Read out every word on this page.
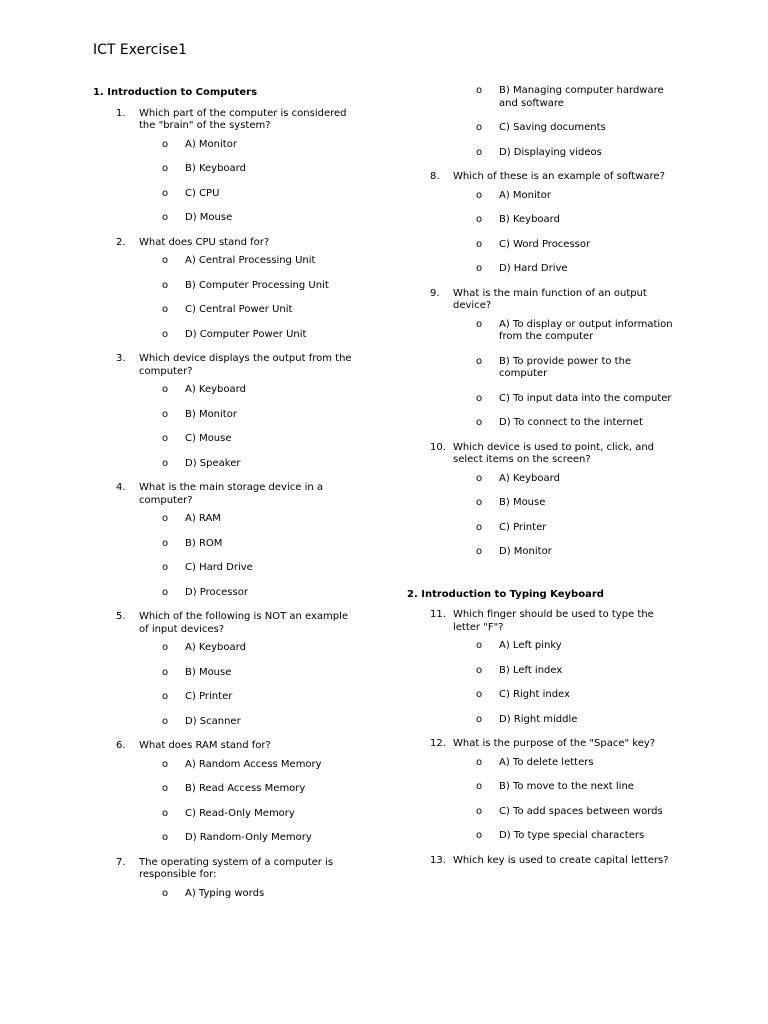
ICT Exercise1
1. Introduction to Computers
1.	Which part of the computer is considered the "brain" of the system?
o	A) Monitor
o	B) Keyboard
o	C) CPU
o	D) Mouse
2.	What does CPU stand for?
o	A) Central Processing Unit
o	B) Computer Processing Unit
o	C) Central Power Unit
o	D) Computer Power Unit
3.	Which device displays the output from the computer?
o	A) Keyboard
o	B) Monitor
o	C) Mouse
o	D) Speaker
4.	What is the main storage device in a computer?
o	A) RAM
o	B) ROM
o	C) Hard Drive
o	D) Processor
5.	Which of the following is NOT an example of input devices?
o	A) Keyboard
o	B) Mouse
o	C) Printer
o	D) Scanner
6.	What does RAM stand for?
o	A) Random Access Memory
o	B) Read Access Memory
o	C) Read-Only Memory
o	D) Random-Only Memory
7.	The operating system of a computer is responsible for:
o	A) Typing words
o	B) Managing computer hardware and software
o	C) Saving documents
o	D) Displaying videos
8.	Which of these is an example of software?
o	A) Monitor
o	B) Keyboard
o	C) Word Processor
o	D) Hard Drive
9.	What is the main function of an output device?
o	A) To display or output information from the computer
o	B) To provide power to the computer
o	C) To input data into the computer
o	D) To connect to the internet
10. Which device is used to point, click, and select items on the screen?
o	A) Keyboard
o	B) Mouse
o	C) Printer
o	D) Monitor
2. Introduction to Typing Keyboard
11. Which finger should be used to type the letter "F"?
o	A) Left pinky
o	B) Left index
o	C) Right index
o	D) Right middle
12. What is the purpose of the "Space" key?
o	A) To delete letters
o	B) To move to the next line
o	C) To add spaces between words
o	D) To type special characters
13. Which key is used to create capital letters?
